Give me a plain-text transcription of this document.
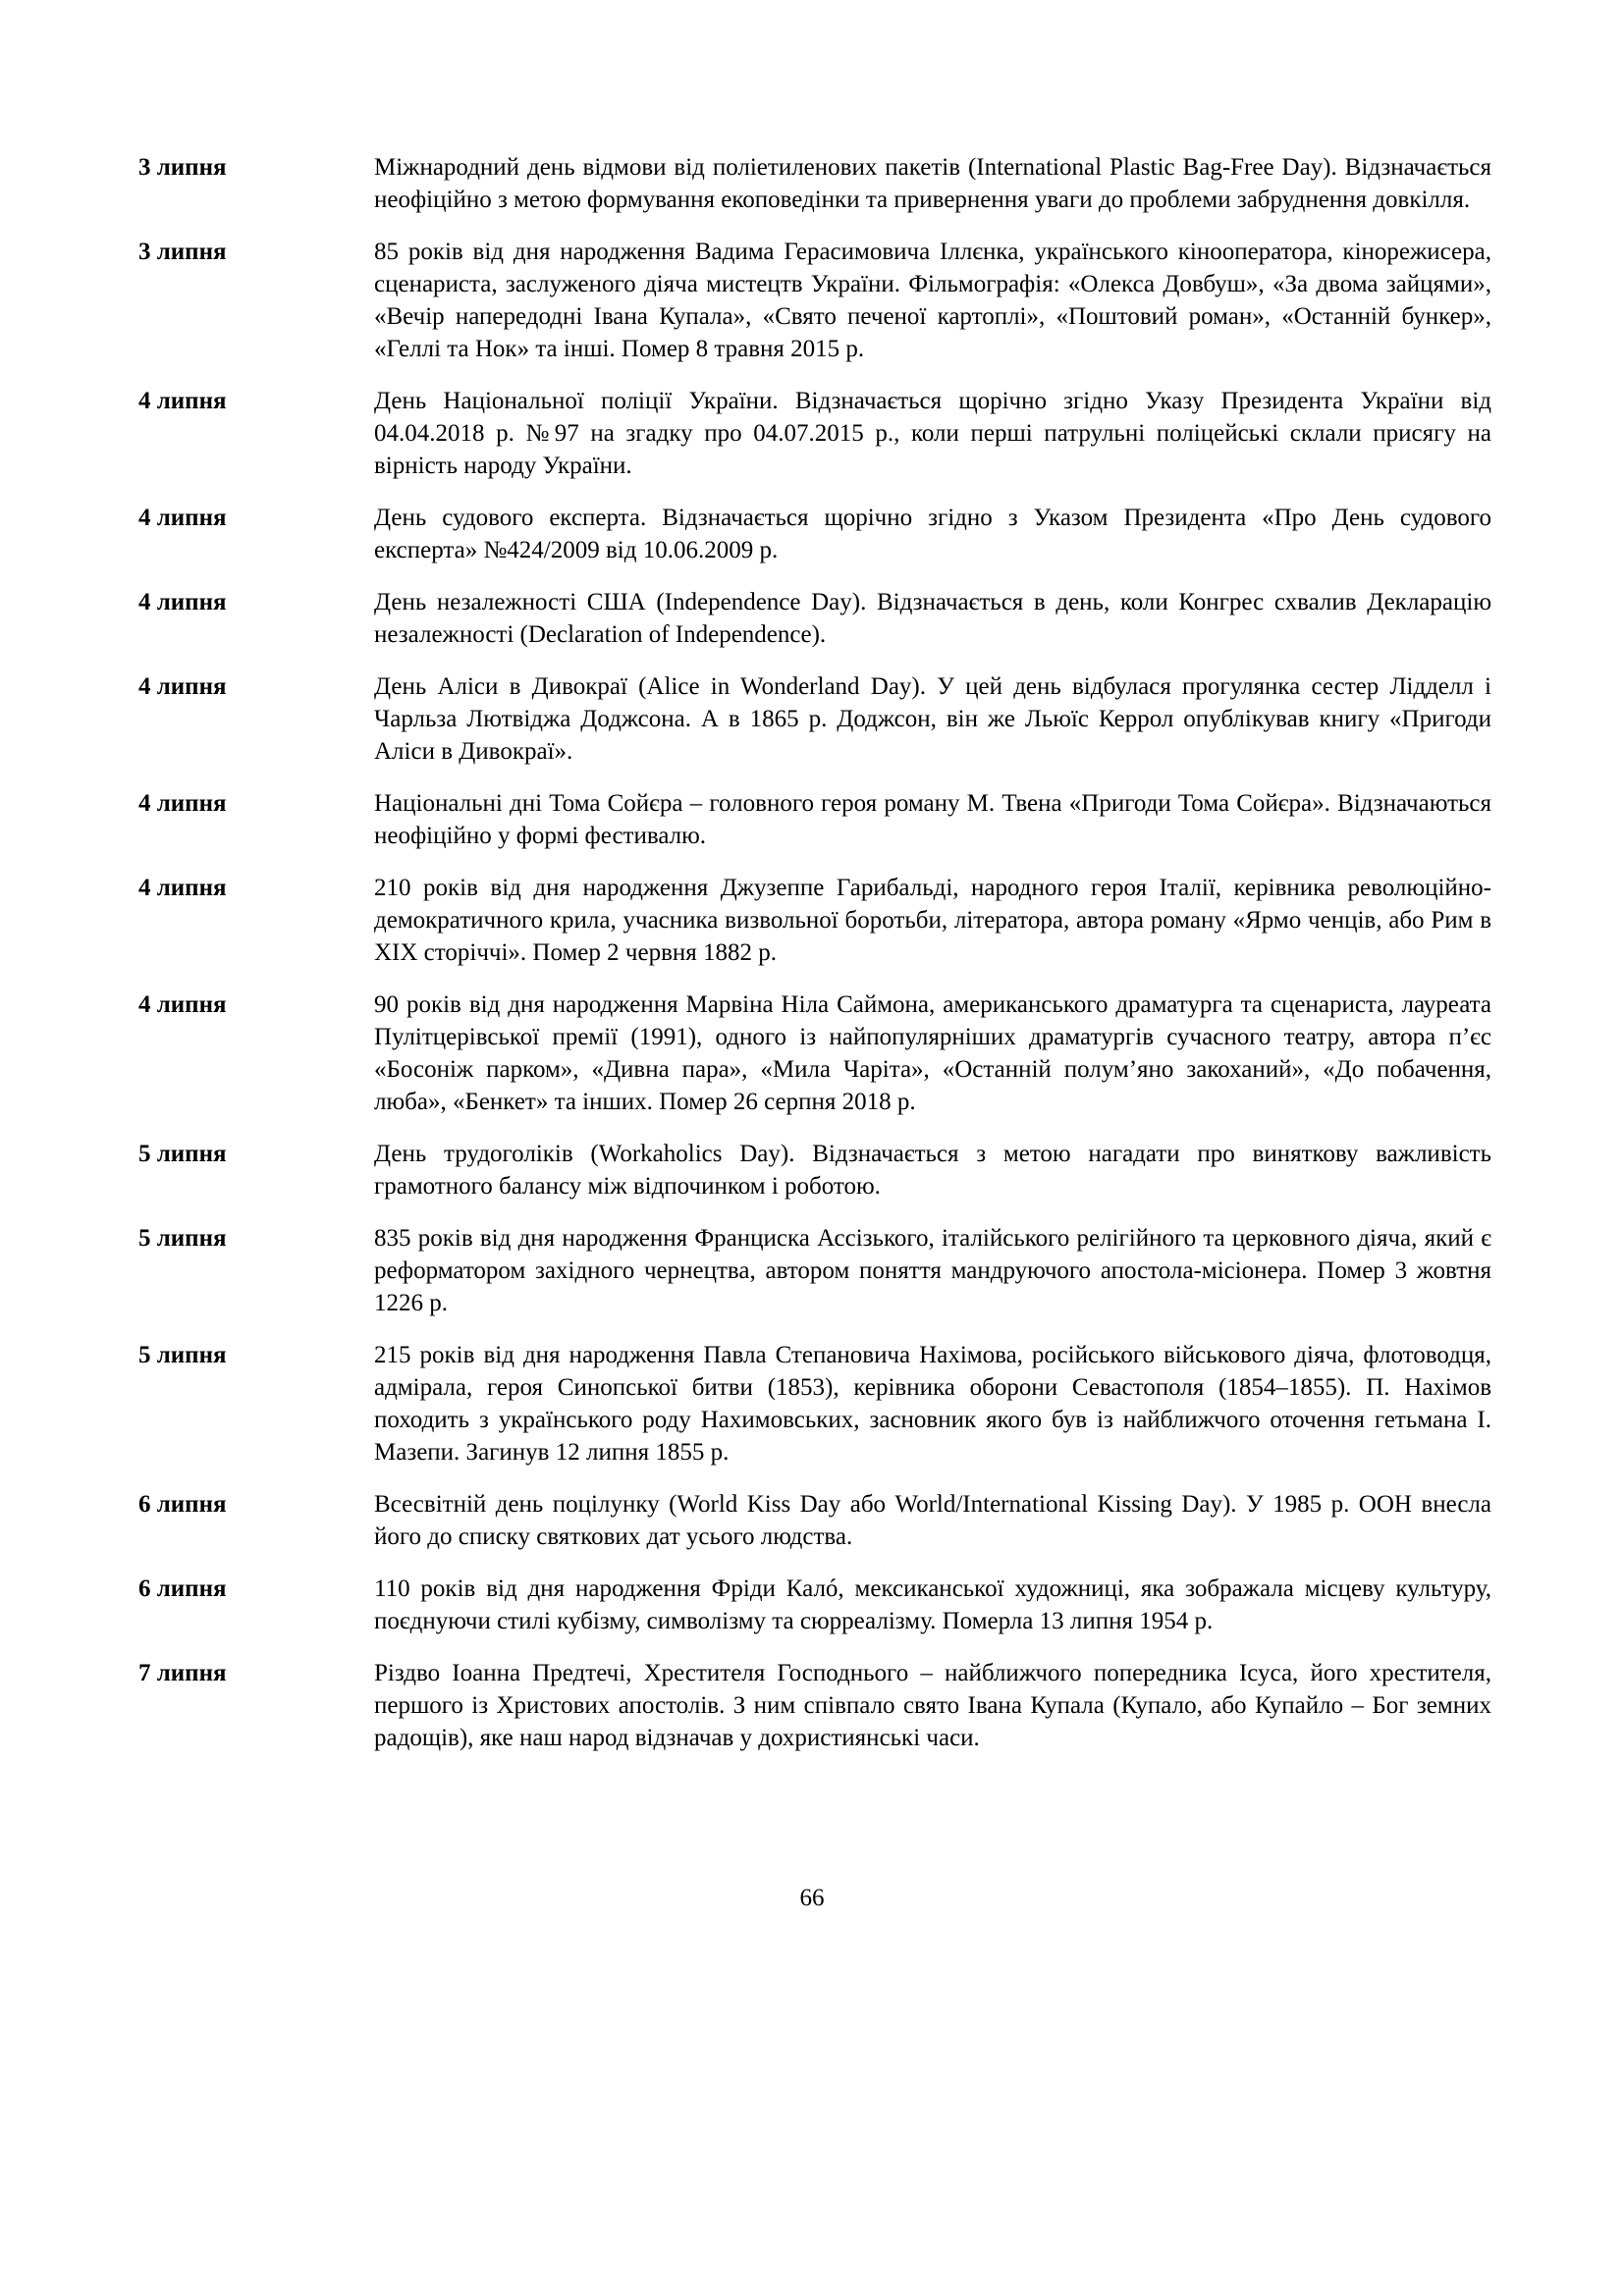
3 липня	Міжнародний день відмови від поліетиленових пакетів (International Plastic Bag-Free Day). Відзначається неофіційно з метою формування екоповедінки та привернення уваги до проблеми забруднення довкілля.
3 липня	85 років від дня народження Вадима Герасимовича Іллєнка, українського кінооператора, кінорежисера, сценариста, заслуженого діяча мистецтв України. Фільмографія: «Олекса Довбуш», «За двома зайцями», «Вечір напередодні Івана Купала», «Свято печеної картоплі», «Поштовий роман», «Останній бункер», «Геллі та Нок» та інші. Помер 8 травня 2015 р.
4 липня	День Національної поліції України. Відзначається щорічно згідно Указу Президента України від 04.04.2018 р. №97 на згадку про 04.07.2015 р., коли перші патрульні поліцейські склали присягу на вірність народу України.
4 липня	День судового експерта. Відзначається щорічно згідно з Указом Президента «Про День судового експерта» №424/2009 від 10.06.2009 р.
4 липня	День незалежності США (Independence Day). Відзначається в день, коли Конгрес схвалив Декларацію незалежності (Declaration of Independence).
4 липня	День Аліси в Дивокраї (Alice in Wonderland Day). У цей день відбулася прогулянка сестер Лідделл і Чарльза Лютвіджа Доджсона. А в 1865 р. Доджсон, він же Льюїс Керрол опублікував книгу «Пригоди Аліси в Дивокраї».
4 липня	Національні дні Тома Сойєра – головного героя роману М. Твена «Пригоди Тома Сойєра». Відзначаються неофіційно у формі фестивалю.
4 липня	210 років від дня народження Джузеппе Гарибальді, народного героя Італії, керівника революційно-демократичного крила, учасника визвольної боротьби, літератора, автора роману «Ярмо ченців, або Рим в XIX сторіччі». Помер 2 червня 1882 р.
4 липня	90 років від дня народження Марвіна Ніла Саймона, американського драматурга та сценариста, лауреата Пулітцерівської премії (1991), одного із найпопулярніших драматургів сучасного театру, автора п’єс «Босоніж парком», «Дивна пара», «Мила Чаріта», «Останній полум’яно закоханий», «До побачення, люба», «Бенкет» та інших. Помер 26 серпня 2018 р.
5 липня	День трудоголіків (Workaholics Day). Відзначається з метою нагадати про виняткову важливість грамотного балансу між відпочинком і роботою.
5 липня	835 років від дня народження Франциска Ассізького, італійського релігійного та церковного діяча, який є реформатором західного чернецтва, автором поняття мандруючого апостола-місіонера. Помер 3 жовтня 1226 р.
5 липня	215 років від дня народження Павла Степановича Нахімова, російського військового діяча, флотоводця, адмірала, героя Синопської битви (1853), керівника оборони Севастополя (1854–1855). П. Нахімов походить з українського роду Нахимовських, засновник якого був із найближчого оточення гетьмана І. Мазепи. Загинув 12 липня 1855 р.
6 липня	Всесвітній день поцілунку (World Kiss Day або World/International Kissing Day). У 1985 р. ООН внесла його до списку святкових дат усього людства.
6 липня	110 років від дня народження Фріди Калó, мексиканської художниці, яка зображала місцеву культуру, поєднуючи стилі кубізму, символізму та сюрреалізму. Померла 13 липня 1954 р.
7 липня	Різдво Іоанна Предтечі, Хрестителя Господнього – найближчого попередника Ісуса, його хрестителя, першого із Христових апостолів. З ним співпало свято Івана Купала (Купало, або Купайло – Бог земних радощів), яке наш народ відзначав у дохристиянські часи.
66
